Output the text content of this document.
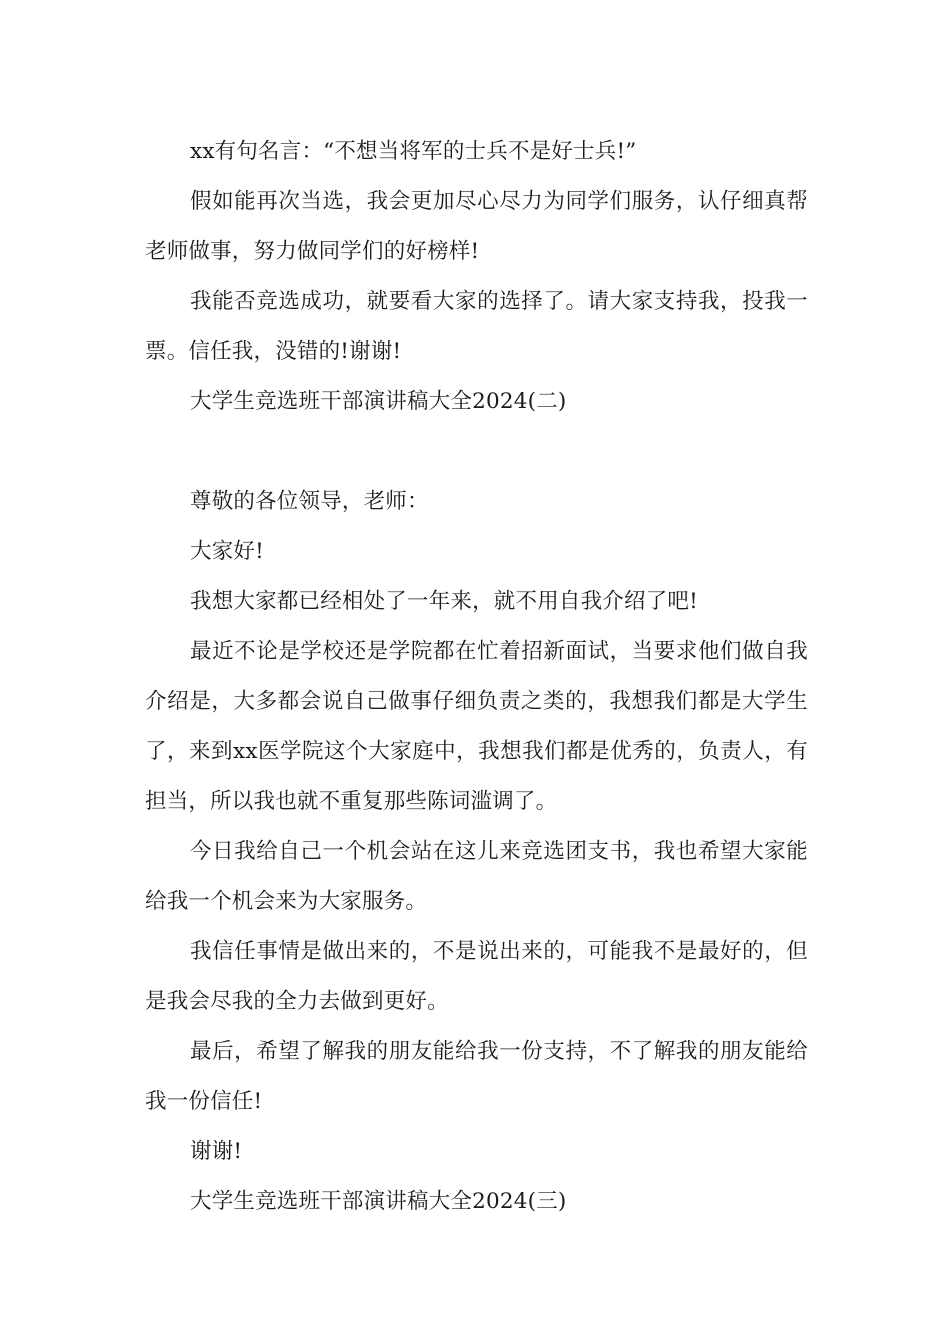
xx有句名言：“不想当将军的士兵不是好士兵!”

假如能再次当选，我会更加尽心尽力为同学们服务，认仔细真帮老师做事，努力做同学们的好榜样!

我能否竞选成功，就要看大家的选择了。请大家支持我，投我一票。信任我，没错的!谢谢!

大学生竞选班干部演讲稿大全2024(二)

尊敬的各位领导，老师：

大家好!

我想大家都已经相处了一年来，就不用自我介绍了吧!

最近不论是学校还是学院都在忙着招新面试，当要求他们做自我介绍是，大多都会说自己做事仔细负责之类的，我想我们都是大学生了，来到xx医学院这个大家庭中，我想我们都是优秀的，负责人，有担当，所以我也就不重复那些陈词滥调了。

今日我给自己一个机会站在这儿来竞选团支书，我也希望大家能给我一个机会来为大家服务。

我信任事情是做出来的，不是说出来的，可能我不是最好的，但是我会尽我的全力去做到更好。

最后，希望了解我的朋友能给我一份支持，不了解我的朋友能给我一份信任!

谢谢!

大学生竞选班干部演讲稿大全2024(三)
